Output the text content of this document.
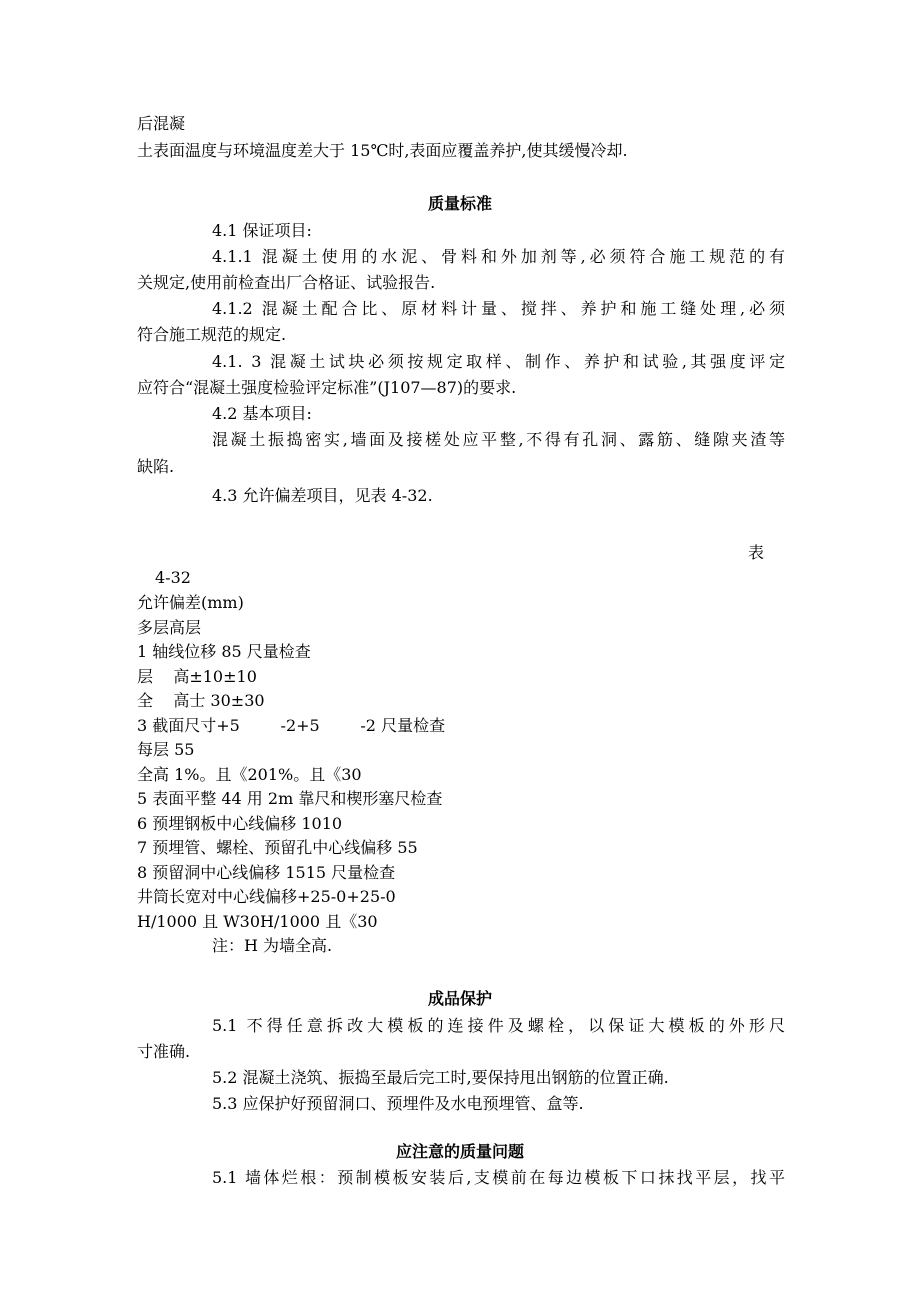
后混凝
土表面温度与环境温度差大于 15℃时,表面应覆盖养护,使其缓慢冷却.
质量标准
4.1 保证项目:
4.1.1 混凝土使用的水泥、骨料和外加剂等,必须符合施工规范的有
关规定,使用前检查出厂合格证、试验报告.
4.1.2 混凝土配合比、原材料计量、搅拌、养护和施工缝处理,必须
符合施工规范的规定.
4.1. 3 混凝土试块必须按规定取样、制作、养护和试验,其强度评定
应符合“混凝土强度检验评定标准”(J107—87)的要求.
4.2 基本项目:
混凝土振捣密实,墙面及接槎处应平整,不得有孔洞、露筋、缝隙夹渣等
缺陷.
4.3 允许偏差项目，见表 4-32.
表
4-32
允许偏差(mm)
多层高层
1 轴线位移 85 尺量检查
层    高±10±10
全    高士 30±30
3 截面尺寸+5        -2+5        -2 尺量检查
每层 55
全高 1%。且《201%。且《30
5 表面平整 44 用 2m 靠尺和楔形塞尺检查
6 预埋钢板中心线偏移 1010
7 预埋管、螺栓、预留孔中心线偏移 55
8 预留洞中心线偏移 1515 尺量检查
井筒长宽对中心线偏移+25-0+25-0
H/1000 且 W30H/1000 且《30
注：H 为墙全高.
成品保护
5.1 不得任意拆改大模板的连接件及螺栓，以保证大模板的外形尺
寸准确.
5.2 混凝土浇筑、振捣至最后完工时,要保持甩出钢筋的位置正确.
5.3 应保护好预留洞口、预埋件及水电预埋管、盒等.
应注意的质量问题
5.1 墙体烂根：预制模板安装后,支模前在每边模板下口抹找平层，找平
